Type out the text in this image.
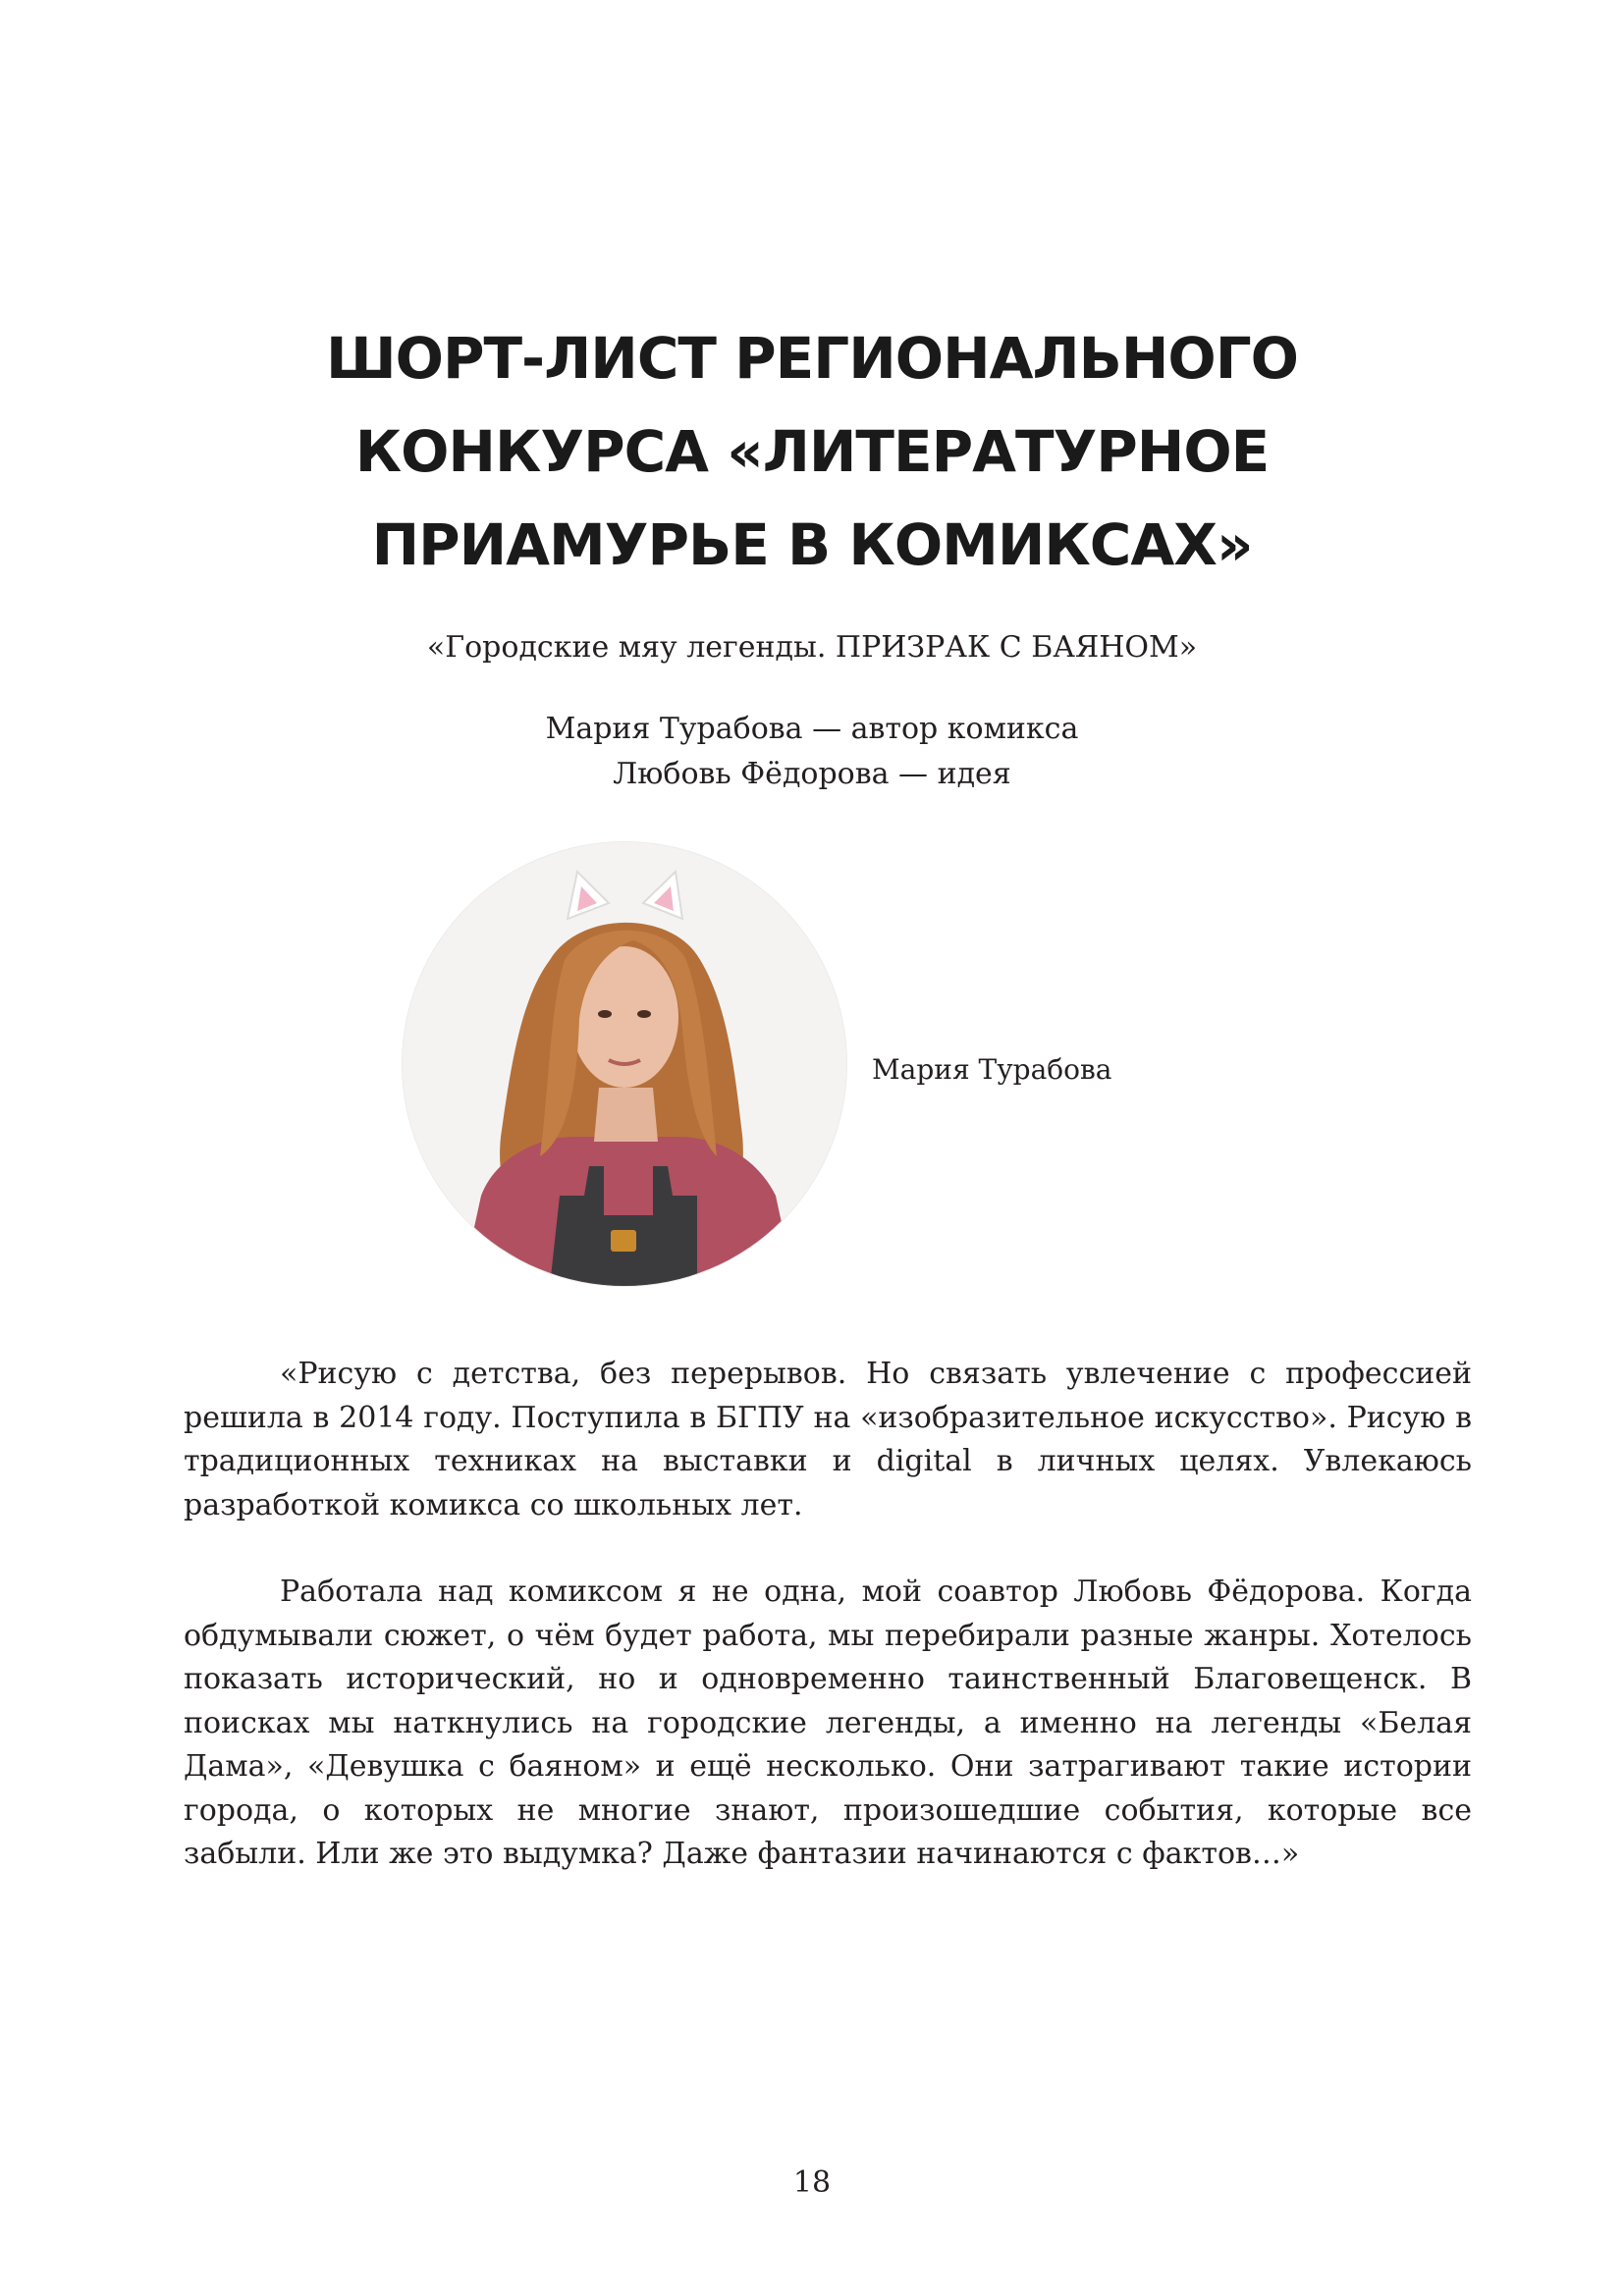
ШОРТ-ЛИСТ РЕГИОНАЛЬНОГО
КОНКУРСА «ЛИТЕРАТУРНОЕ
ПРИАМУРЬЕ В КОМИКСАХ»

«Городские мяу легенды. ПРИЗРАК С БАЯНОМ»

Мария Турабова — автор комикса
Любовь Фёдорова — идея
Мария Турабова

«Рисую с детства, без перерывов. Но связать увлечение с профессией решила в 2014 году. Поступила в БГПУ на «изобразительное искусство». Рисую в традиционных техниках на выставки и digital в личных целях. Увлекаюсь разработкой комикса со школьных лет.

Работала над комиксом я не одна, мой соавтор Любовь Фёдорова. Когда обдумывали сюжет, о чём будет работа, мы перебирали разные жанры. Хотелось показать исторический, но и одновременно таинственный Благовещенск. В поисках мы наткнулись на городские легенды, а именно на легенды «Белая Дама», «Девушка с баяном» и ещё несколько. Они затрагивают такие истории города, о которых не многие знают, произошедшие события, которые все забыли. Или же это выдумка? Даже фантазии начинаются с фактов…»

18
